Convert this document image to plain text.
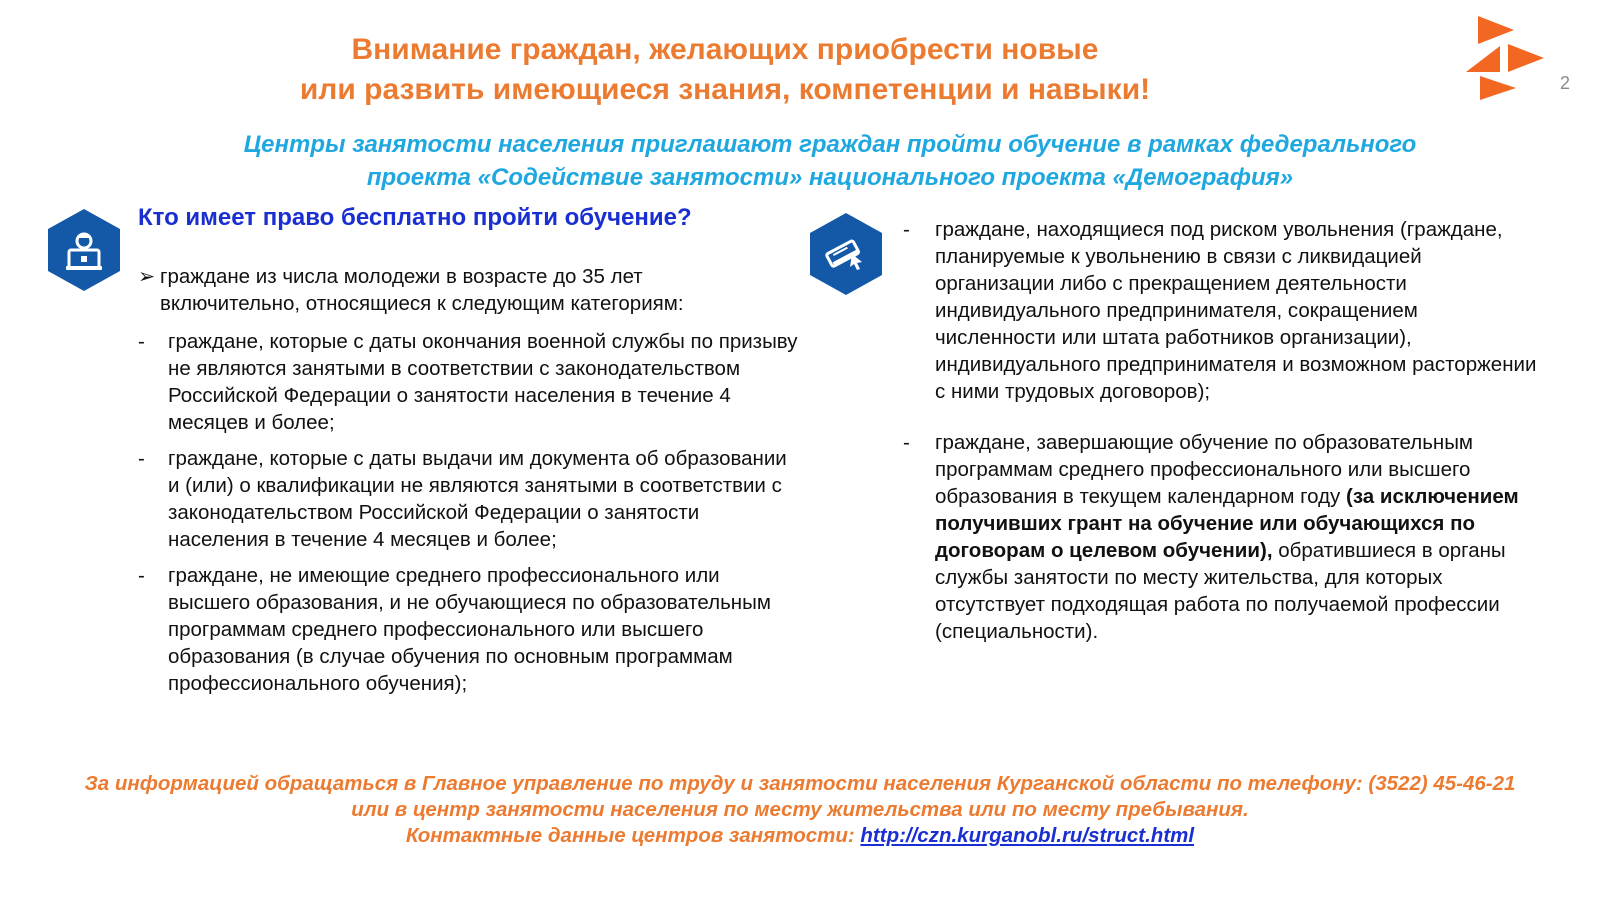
Внимание граждан, желающих приобрести новые
или развить имеющиеся знания, компетенции и навыки!	2
Центры занятости населения приглашают граждан пройти обучение в рамках федерального
проекта «Содействие занятости» национального проекта «Демография»
Кто имеет право бесплатно пройти обучение?
➢ граждане из числа молодежи в возрасте до 35 лет включительно, относящиеся к следующим категориям:
- граждане, которые с даты окончания военной службы по призыву не являются занятыми в соответствии с законодательством Российской Федерации о занятости населения в течение 4 месяцев и более;
- граждане, которые с даты выдачи им документа об образовании и (или) о квалификации не являются занятыми в соответствии с законодательством Российской Федерации о занятости населения в течение 4 месяцев и более;
- граждане, не имеющие среднего профессионального или высшего образования, и не обучающиеся по образовательным программам среднего профессионального или высшего образования (в случае обучения по основным программам профессионального обучения);
- граждане, находящиеся под риском увольнения (граждане, планируемые к увольнению в связи с ликвидацией организации либо с прекращением деятельности индивидуального предпринимателя, сокращением численности или штата работников организации), индивидуального предпринимателя и возможном расторжении с ними трудовых договоров);
- граждане, завершающие обучение по образовательным программам среднего профессионального или высшего образования в текущем календарном году (за исключением получивших грант на обучение или обучающихся по договорам о целевом обучении), обратившиеся в органы службы занятости по месту жительства, для которых отсутствует подходящая работа по получаемой профессии (специальности).
За информацией обращаться в Главное управление по труду и занятости населения Курганской области по телефону: (3522) 45-46-21
или в центр занятости населения по месту жительства или по месту пребывания.
Контактные данные центров занятости: http://czn.kurganobl.ru/struct.html
